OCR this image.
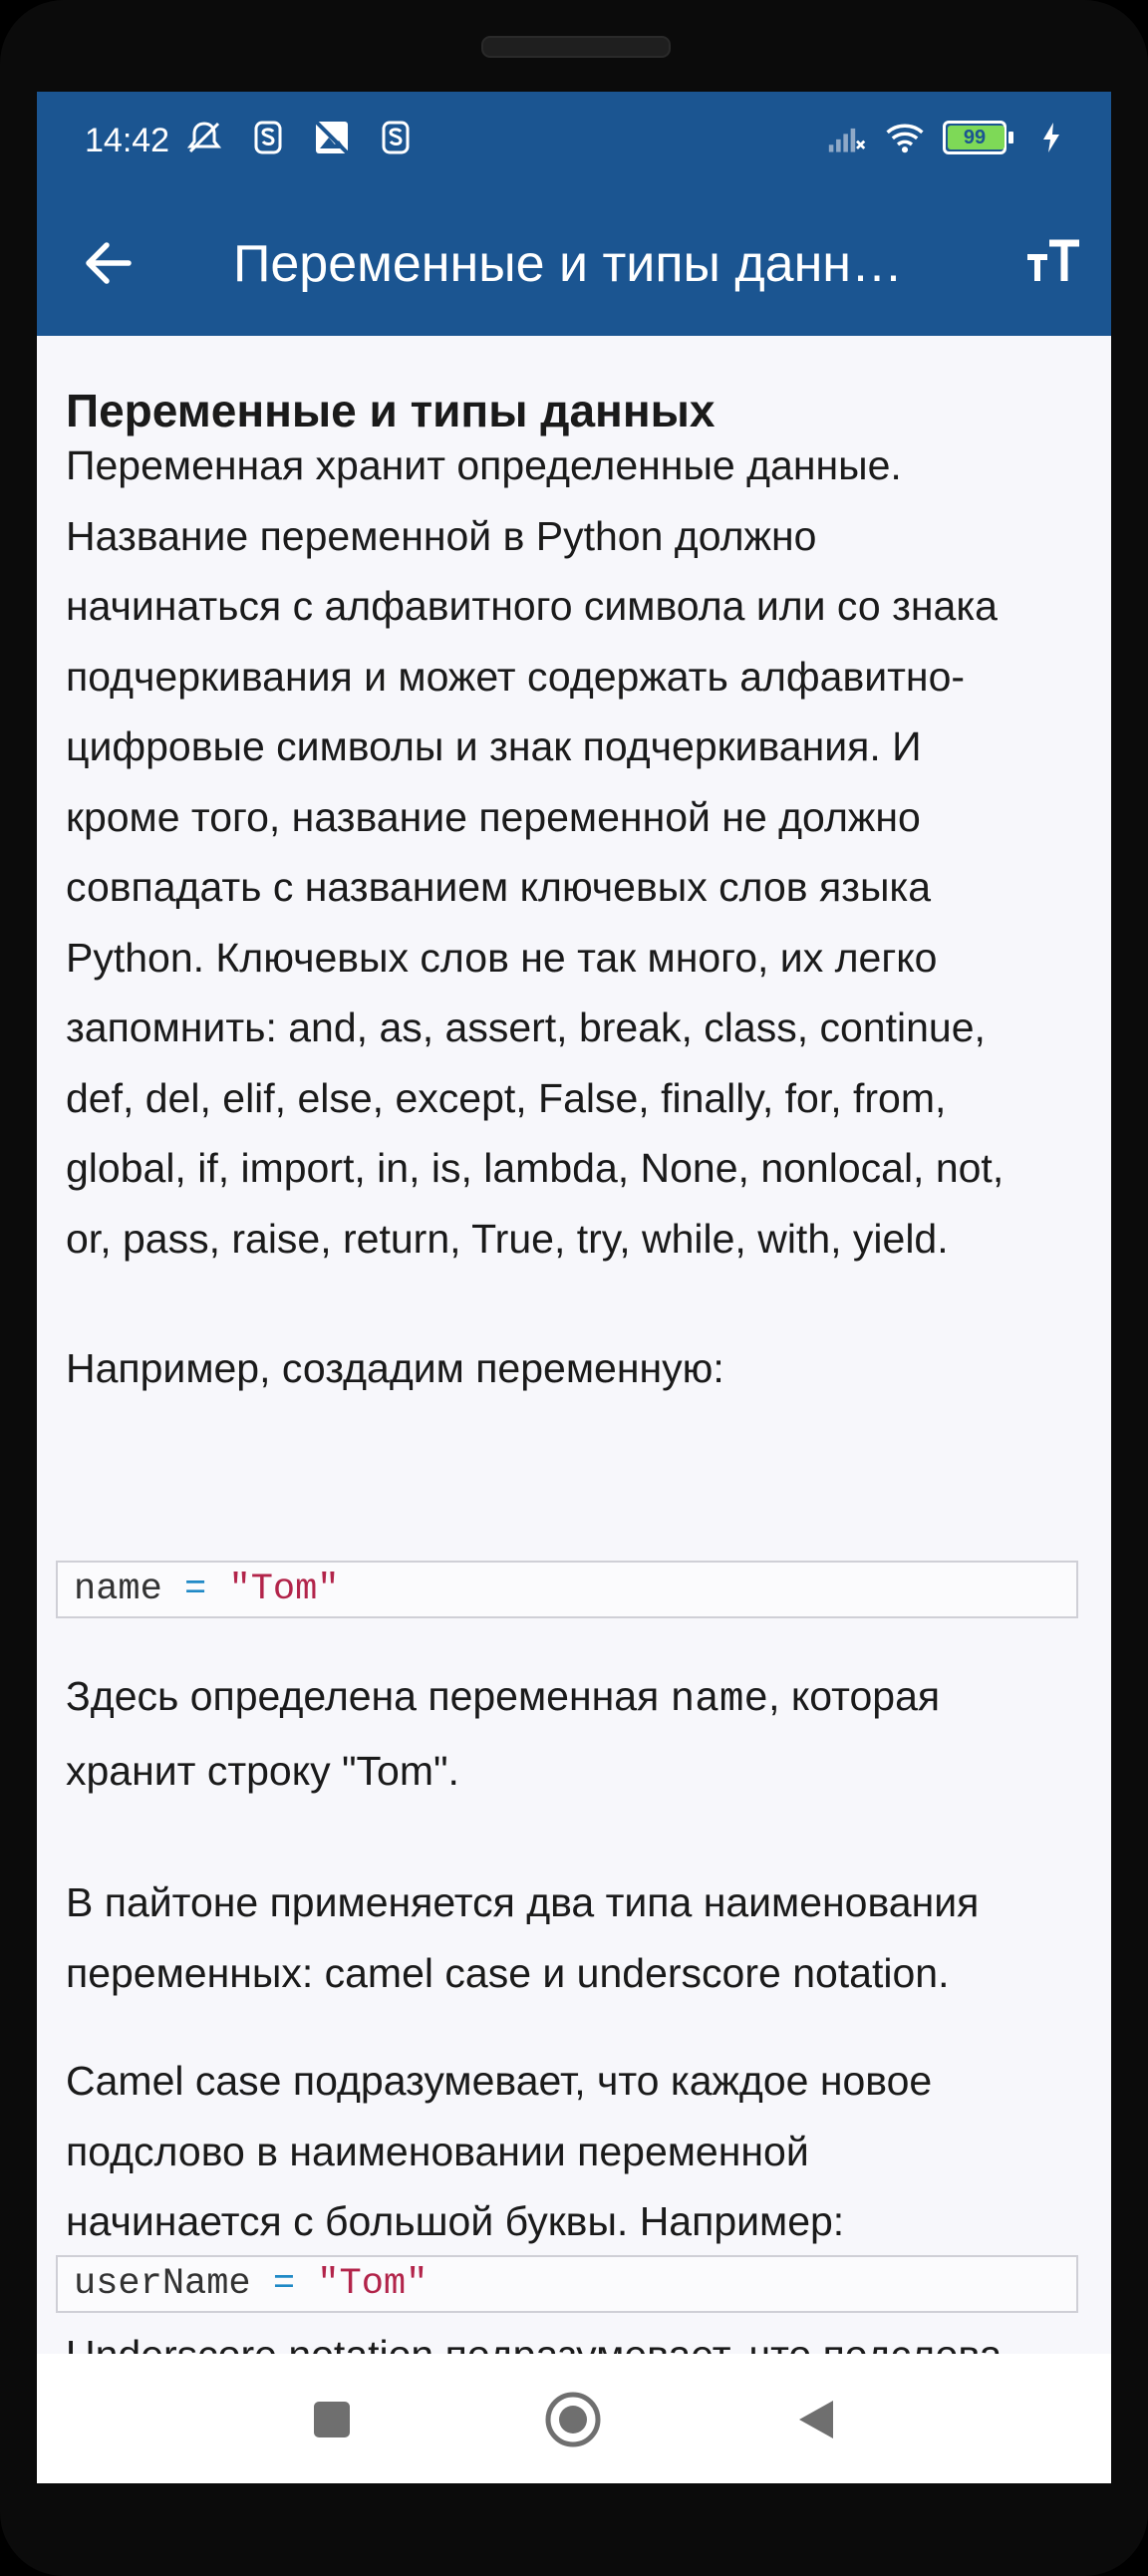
14:42	99
Переменные и типы данн…
Переменные и типы данных
Переменная хранит определенные данные.
Название переменной в Python должно
начинаться с алфавитного символа или со знака
подчеркивания и может содержать алфавитно-
цифровые символы и знак подчеркивания. И
кроме того, название переменной не должно
совпадать с названием ключевых слов языка
Python. Ключевых слов не так много, их легко
запомнить: and, as, assert, break, class, continue,
def, del, elif, else, except, False, finally, for, from,
global, if, import, in, is, lambda, None, nonlocal, not,
or, pass, raise, return, True, try, while, with, yield.
Например, создадим переменную:
name = "Tom"
Здесь определена переменная name, которая
хранит строку "Tom".
В пайтоне применяется два типа наименования
переменных: camel case и underscore notation.
Camel case подразумевает, что каждое новое
подслово в наименовании переменной
начинается с большой буквы. Например:
userName = "Tom"
